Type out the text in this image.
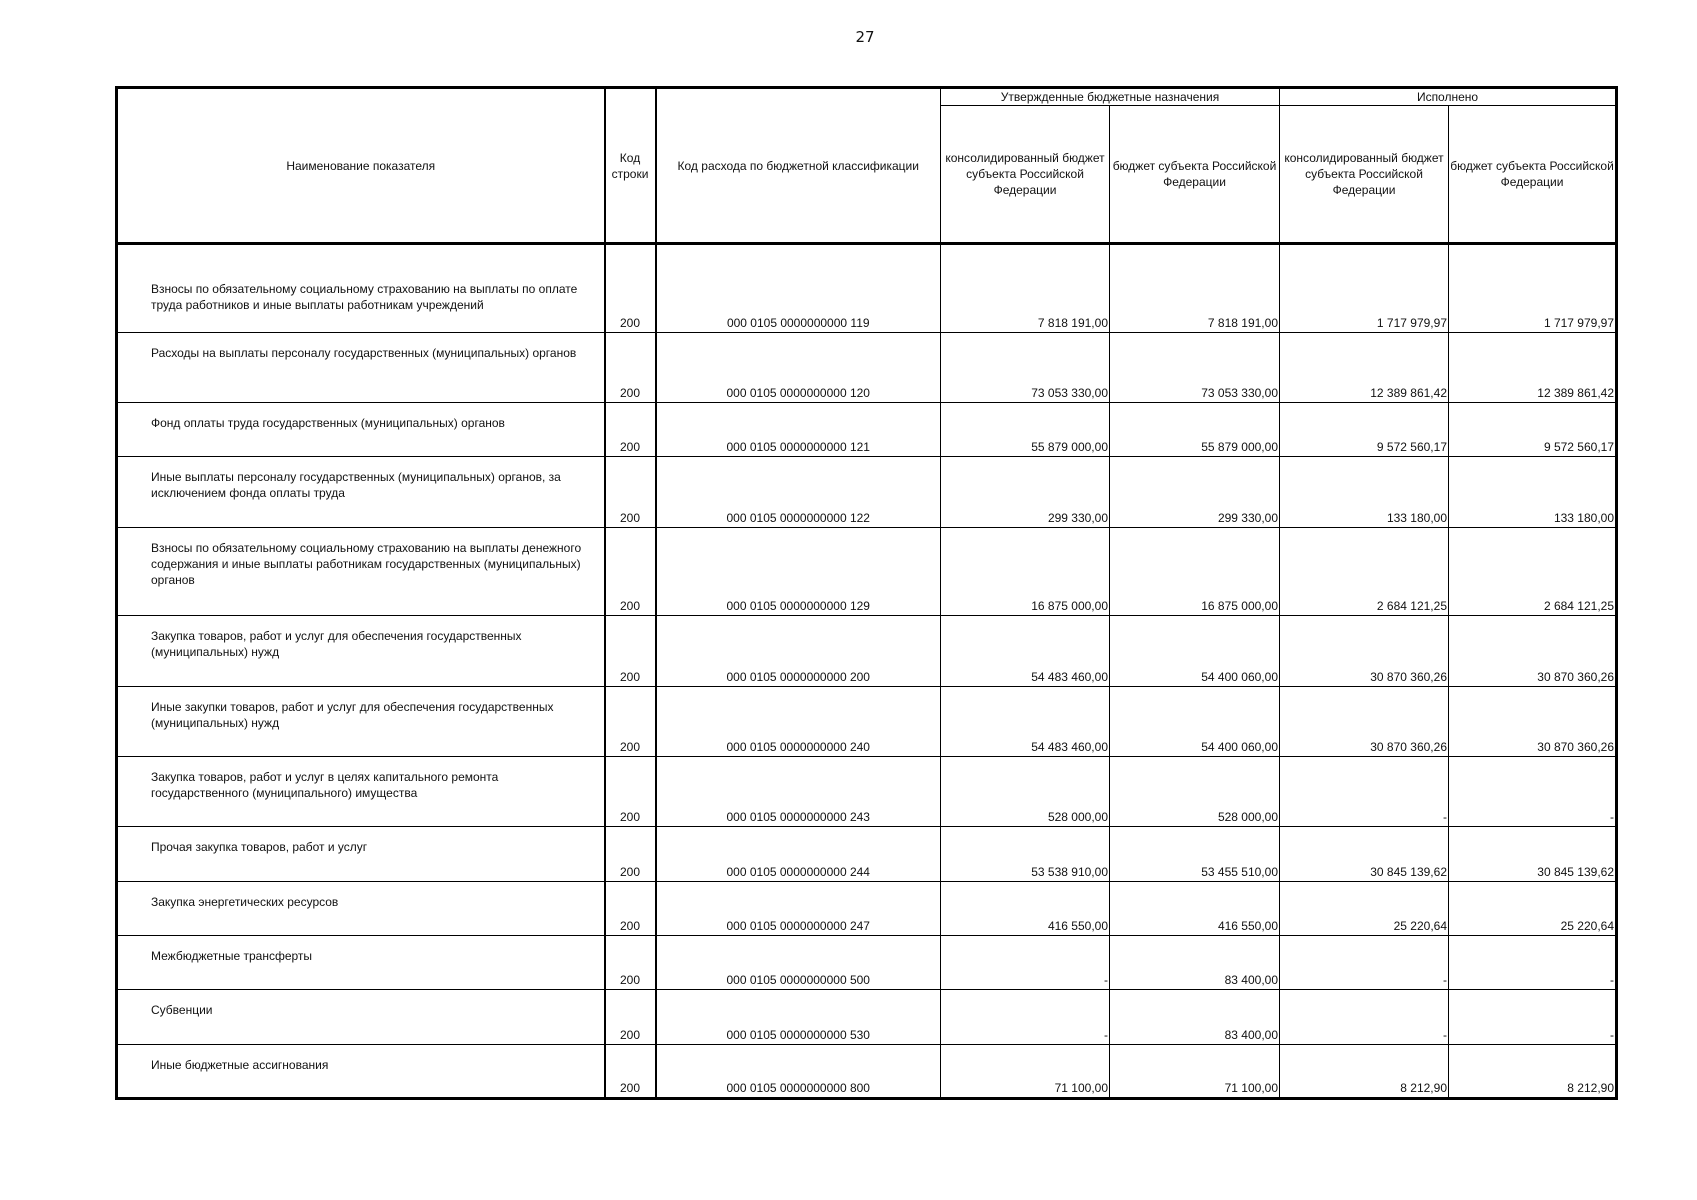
27
Наименование показателя	Код строки	Код расхода по бюджетной классификации	Утвержденные бюджетные назначения		Исполнено	
			консолидированный бюджет субъекта Российской Федерации	бюджет субъекта Российской Федерации	консолидированный бюджет субъекта Российской Федерации	бюджет субъекта Российской Федерации
Взносы по обязательному социальному страхованию на выплаты по оплате труда работников и иные выплаты работникам учреждений	200	000 0105 0000000000 119	7 818 191,00	7 818 191,00	1 717 979,97	1 717 979,97
Расходы на выплаты персоналу государственных (муниципальных) органов	200	000 0105 0000000000 120	73 053 330,00	73 053 330,00	12 389 861,42	12 389 861,42
Фонд оплаты труда государственных (муниципальных) органов	200	000 0105 0000000000 121	55 879 000,00	55 879 000,00	9 572 560,17	9 572 560,17
Иные выплаты персоналу государственных (муниципальных) органов, за исключением фонда оплаты труда	200	000 0105 0000000000 122	299 330,00	299 330,00	133 180,00	133 180,00
Взносы по обязательному социальному страхованию на выплаты денежного содержания и иные выплаты работникам государственных (муниципальных) органов	200	000 0105 0000000000 129	16 875 000,00	16 875 000,00	2 684 121,25	2 684 121,25
Закупка товаров, работ и услуг для обеспечения государственных (муниципальных) нужд	200	000 0105 0000000000 200	54 483 460,00	54 400 060,00	30 870 360,26	30 870 360,26
Иные закупки товаров, работ и услуг для обеспечения государственных (муниципальных) нужд	200	000 0105 0000000000 240	54 483 460,00	54 400 060,00	30 870 360,26	30 870 360,26
Закупка товаров, работ и услуг в целях капитального ремонта государственного (муниципального) имущества	200	000 0105 0000000000 243	528 000,00	528 000,00	-	-
Прочая закупка товаров, работ и услуг	200	000 0105 0000000000 244	53 538 910,00	53 455 510,00	30 845 139,62	30 845 139,62
Закупка энергетических ресурсов	200	000 0105 0000000000 247	416 550,00	416 550,00	25 220,64	25 220,64
Межбюджетные трансферты	200	000 0105 0000000000 500	-	83 400,00	-	-
Субвенции	200	000 0105 0000000000 530	-	83 400,00	-	-
Иные бюджетные ассигнования	200	000 0105 0000000000 800	71 100,00	71 100,00	8 212,90	8 212,90
